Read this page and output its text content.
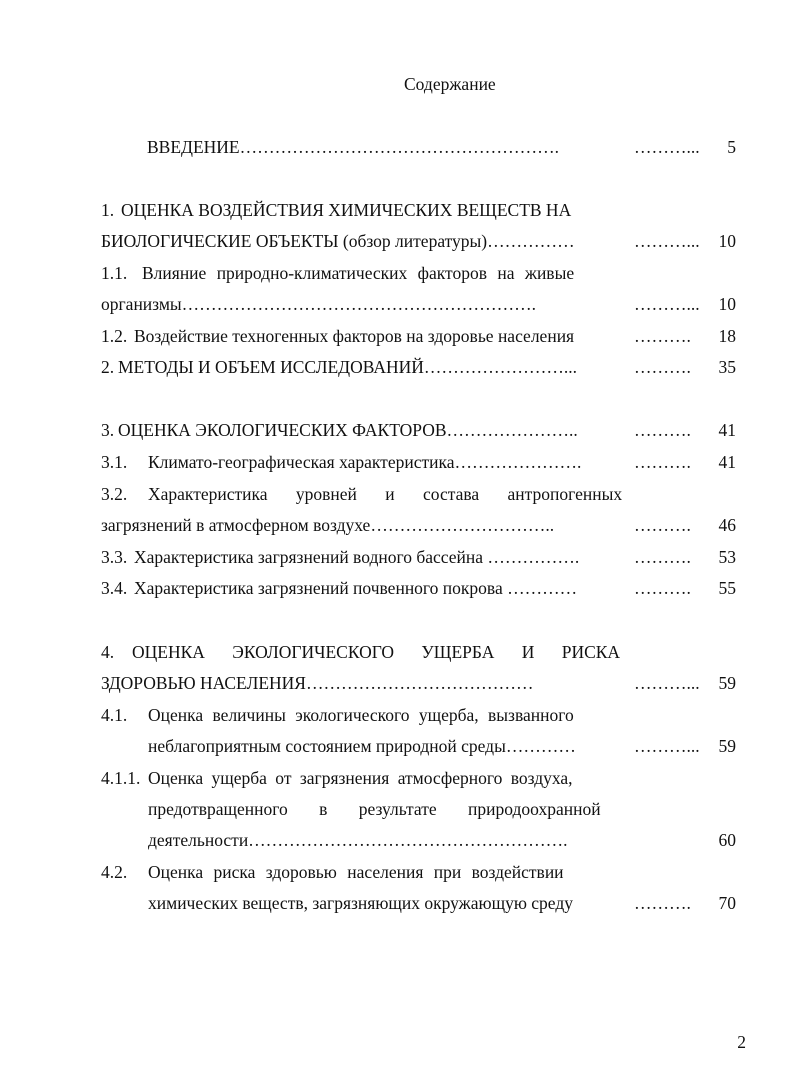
Содержание
ВВЕДЕНИЕ……………………………………………….	………...	5
1. ОЦЕНКА ВОЗДЕЙСТВИЯ ХИМИЧЕСКИХ ВЕЩЕСТВ НА
БИОЛОГИЧЕСКИЕ ОБЪЕКТЫ (обзор литературы)……………	………...	10
1.1. Влияние природно-климатических факторов на живые
организмы…………………………………………………….	………...	10
1.2. Воздействие техногенных факторов на здоровье населения	……….	18
2. МЕТОДЫ И ОБЪЕМ ИССЛЕДОВАНИЙ……………………...	……….	35
3. ОЦЕНКА ЭКОЛОГИЧЕСКИХ ФАКТОРОВ…………………..	……….	41
3.1. Климато-географическая характеристика………………….	……….	41
3.2. Характеристика уровней и состава антропогенных
загрязнений в атмосферном воздухе…………………………..	……….	46
3.3. Характеристика загрязнений водного бассейна …………….	……….	53
3.4. Характеристика загрязнений почвенного покрова …………	……….	55
4. ОЦЕНКА ЭКОЛОГИЧЕСКОГО УЩЕРБА И РИСКА
ЗДОРОВЬЮ НАСЕЛЕНИЯ…………………………………	………...	59
4.1. Оценка величины экологического ущерба, вызванного
неблагоприятным состоянием природной среды…………	………...	59
4.1.1. Оценка ущерба от загрязнения атмосферного воздуха,
предотвращенного в результате природоохранной
деятельности……………………………………………….	60
4.2. Оценка риска здоровью населения при воздействии
химических веществ, загрязняющих окружающую среду	……….	70
2
